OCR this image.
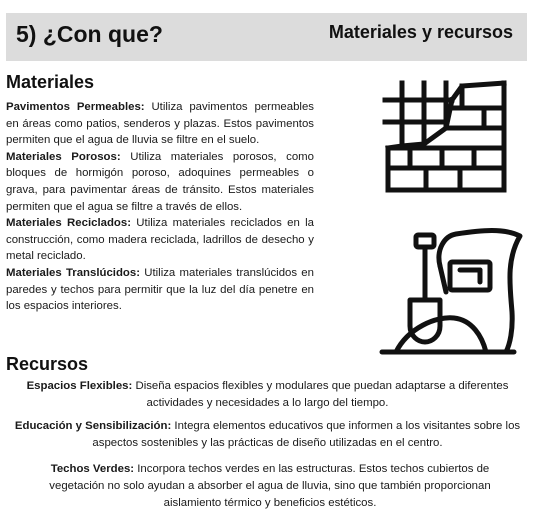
5) ¿Con que?	Materiales y recursos
Materiales

Pavimentos Permeables: Utiliza pavimentos permeables en áreas como patios, senderos y plazas. Estos pavimentos permiten que el agua de lluvia se filtre en el suelo.

Materiales Porosos: Utiliza materiales porosos, como bloques de hormigón poroso, adoquines permeables o grava, para pavimentar áreas de tránsito. Estos materiales permiten que el agua se filtre a través de ellos.

Materiales Reciclados: Utiliza materiales reciclados en la construcción, como madera reciclada, ladrillos de desecho y metal reciclado.

Materiales Translúcidos: Utiliza materiales translúcidos en paredes y techos para permitir que la luz del día penetre en los espacios interiores.

Recursos
Espacios Flexibles: Diseña espacios flexibles y modulares que puedan adaptarse a diferentes actividades y necesidades a lo largo del tiempo.
Educación y Sensibilización: Integra elementos educativos que informen a los visitantes sobre los aspectos sostenibles y las prácticas de diseño utilizadas en el centro.
Techos Verdes: Incorpora techos verdes en las estructuras. Estos techos cubiertos de vegetación no solo ayudan a absorber el agua de lluvia, sino que también proporcionan aislamiento térmico y beneficios estéticos.
